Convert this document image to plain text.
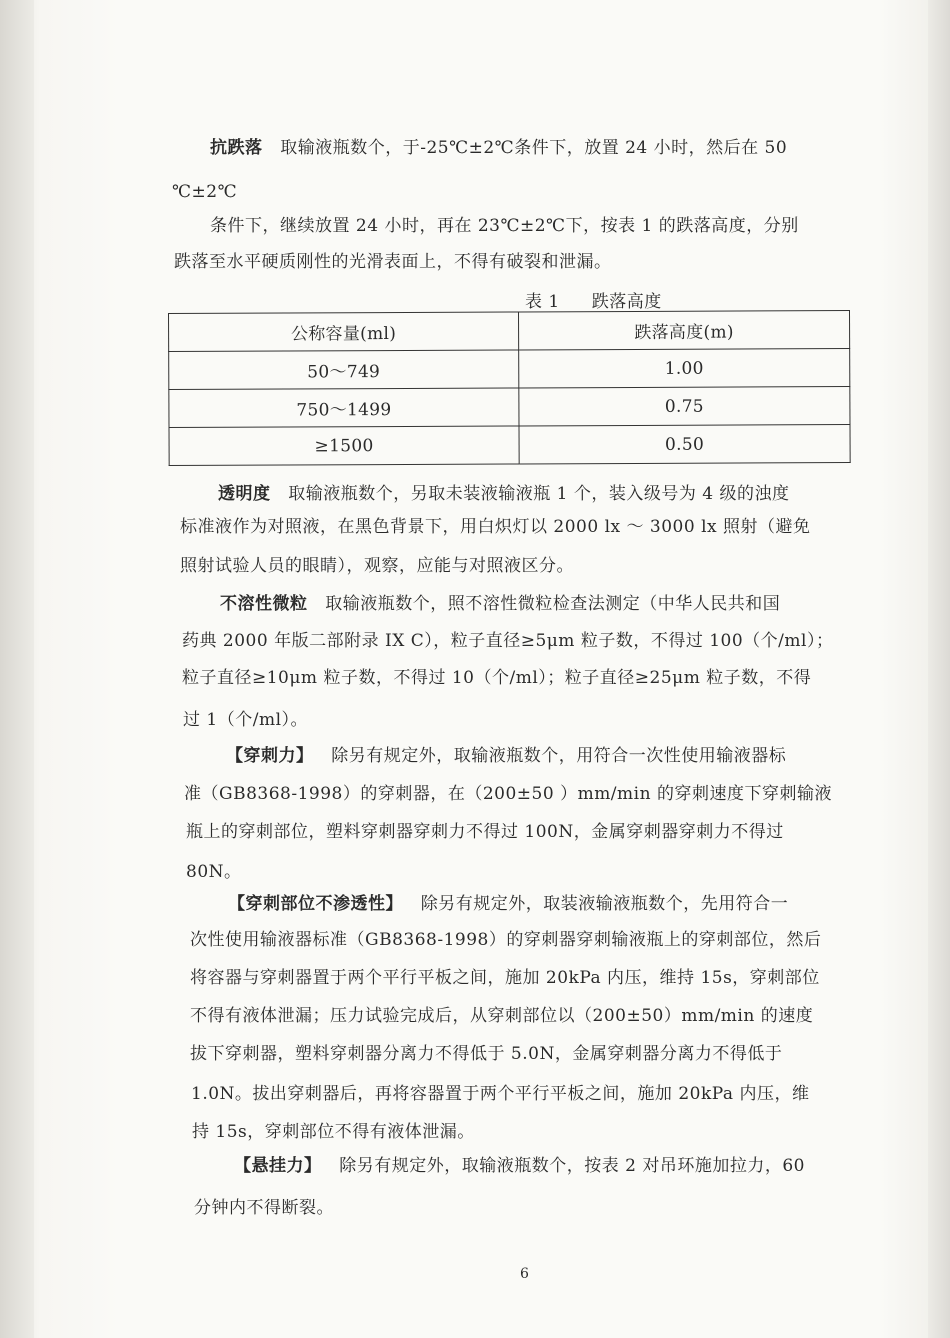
抗跌落 取输液瓶数个，于-25℃±2℃条件下，放置 24 小时，然后在 50
℃±2℃
条件下，继续放置 24 小时，再在 23℃±2℃下，按表 1 的跌落高度，分别
跌落至水平硬质刚性的光滑表面上，不得有破裂和泄漏。
表 1 跌落高度
公称容量(ml)	跌落高度(m)
50～749	1.00
750～1499	0.75
≥1500	0.50
透明度 取输液瓶数个，另取未装液输液瓶 1 个，装入级号为 4 级的浊度
标准液作为对照液，在黑色背景下，用白炽灯以 2000 lx ～ 3000 lx 照射（避免
照射试验人员的眼睛），观察，应能与对照液区分。
不溶性微粒 取输液瓶数个，照不溶性微粒检查法测定（中华人民共和国
药典 2000 年版二部附录 IX C），粒子直径≥5μm 粒子数，不得过 100（个/ml）；
粒子直径≥10μm 粒子数，不得过 10（个/ml）；粒子直径≥25μm 粒子数，不得
过 1（个/ml）。
【穿刺力】 除另有规定外，取输液瓶数个，用符合一次性使用输液器标
准（GB8368-1998）的穿刺器，在（200±50 ）mm/min 的穿刺速度下穿刺输液
瓶上的穿刺部位，塑料穿刺器穿刺力不得过 100N，金属穿刺器穿刺力不得过
80N。
【穿刺部位不渗透性】 除另有规定外，取装液输液瓶数个，先用符合一
次性使用输液器标准（GB8368-1998）的穿刺器穿刺输液瓶上的穿刺部位，然后
将容器与穿刺器置于两个平行平板之间，施加 20kPa 内压，维持 15s，穿刺部位
不得有液体泄漏；压力试验完成后，从穿刺部位以（200±50）mm/min 的速度
拔下穿刺器，塑料穿刺器分离力不得低于 5.0N，金属穿刺器分离力不得低于
1.0N。拔出穿刺器后，再将容器置于两个平行平板之间，施加 20kPa 内压，维
持 15s，穿刺部位不得有液体泄漏。
【悬挂力】 除另有规定外，取输液瓶数个，按表 2 对吊环施加拉力，60
分钟内不得断裂。
6
